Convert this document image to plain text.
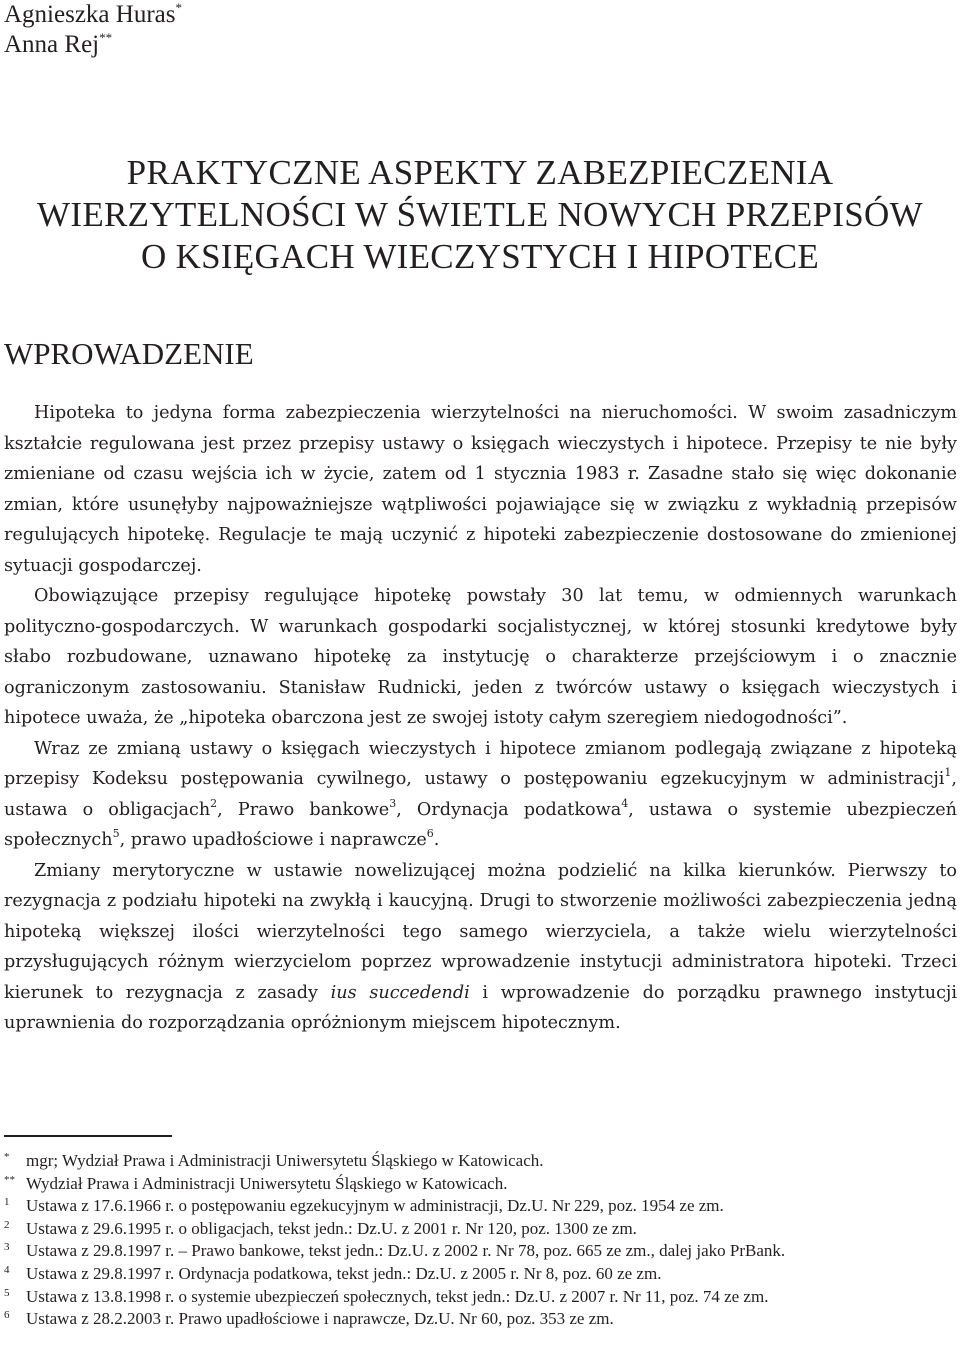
Agnieszka Huras*
Anna Rej**
PRAKTYCZNE ASPEKTY ZABEZPIECZENIA
WIERZYTELNOŚCI W ŚWIETLE NOWYCH PRZEPISÓW
O KSIĘGACH WIECZYSTYCH I HIPOTECE
WPROWADZENIE

Hipoteka to jedyna forma zabezpieczenia wierzytelności na nieruchomości. W swoim zasadniczym kształcie regulowana jest przez przepisy ustawy o księgach wieczystych i hipotece. Przepisy te nie były zmieniane od czasu wejścia ich w życie, zatem od 1 stycznia 1983 r. Zasadne stało się więc dokonanie zmian, które usunęłyby najpoważniejsze wątpliwości pojawiające się w związku z wykładnią przepisów regulujących hipotekę. Regulacje te mają uczynić z hipoteki zabezpieczenie dostosowane do zmienionej sytuacji gospodarczej.

Obowiązujące przepisy regulujące hipotekę powstały 30 lat temu, w odmiennych warunkach polityczno-gospodarczych. W warunkach gospodarki socjalistycznej, w której stosunki kredytowe były słabo rozbudowane, uznawano hipotekę za instytucję o charakterze przejściowym i o znacznie ograniczonym zastosowaniu. Stanisław Rudnicki, jeden z twórców ustawy o księgach wieczystych i hipotece uważa, że „hipoteka obarczona jest ze swojej istoty całym szeregiem niedogodności”.

Wraz ze zmianą ustawy o księgach wieczystych i hipotece zmianom podlegają związane z hipoteką przepisy Kodeksu postępowania cywilnego, ustawy o postępowaniu egzekucyjnym w administracji$^1$, ustawa o obligacjach$^2$, Prawo bankowe$^3$, Ordynacja podatkowa$^4$, ustawa o systemie ubezpieczeń społecznych$^5$, prawo upadłościowe i naprawcze$^6$.

Zmiany merytoryczne w ustawie nowelizującej można podzielić na kilka kierunków. Pierwszy to rezygnacja z podziału hipoteki na zwykłą i kaucyjną. Drugi to stworzenie możliwości zabezpieczenia jedną hipoteką większej ilości wierzytelności tego samego wierzyciela, a także wielu wierzytelności przysługujących różnym wierzycielom poprzez wprowadzenie instytucji administratora hipoteki. Trzeci kierunek to rezygnacja z zasady ius succedendi i wprowadzenie do porządku prawnego instytucji uprawnienia do rozporządzania opróżnionym miejscem hipotecznym.

* mgr; Wydział Prawa i Administracji Uniwersytetu Śląskiego w Katowicach.
** Wydział Prawa i Administracji Uniwersytetu Śląskiego w Katowicach.
1 Ustawa z 17.6.1966 r. o postępowaniu egzekucyjnym w administracji, Dz.U. Nr 229, poz. 1954 ze zm.
2 Ustawa z 29.6.1995 r. o obligacjach, tekst jedn.: Dz.U. z 2001 r. Nr 120, poz. 1300 ze zm.
3 Ustawa z 29.8.1997 r. – Prawo bankowe, tekst jedn.: Dz.U. z 2002 r. Nr 78, poz. 665 ze zm., dalej jako PrBank.
4 Ustawa z 29.8.1997 r. Ordynacja podatkowa, tekst jedn.: Dz.U. z 2005 r. Nr 8, poz. 60 ze zm.
5 Ustawa z 13.8.1998 r. o systemie ubezpieczeń społecznych, tekst jedn.: Dz.U. z 2007 r. Nr 11, poz. 74 ze zm.
6 Ustawa z 28.2.2003 r. Prawo upadłościowe i naprawcze, Dz.U. Nr 60, poz. 353 ze zm.
